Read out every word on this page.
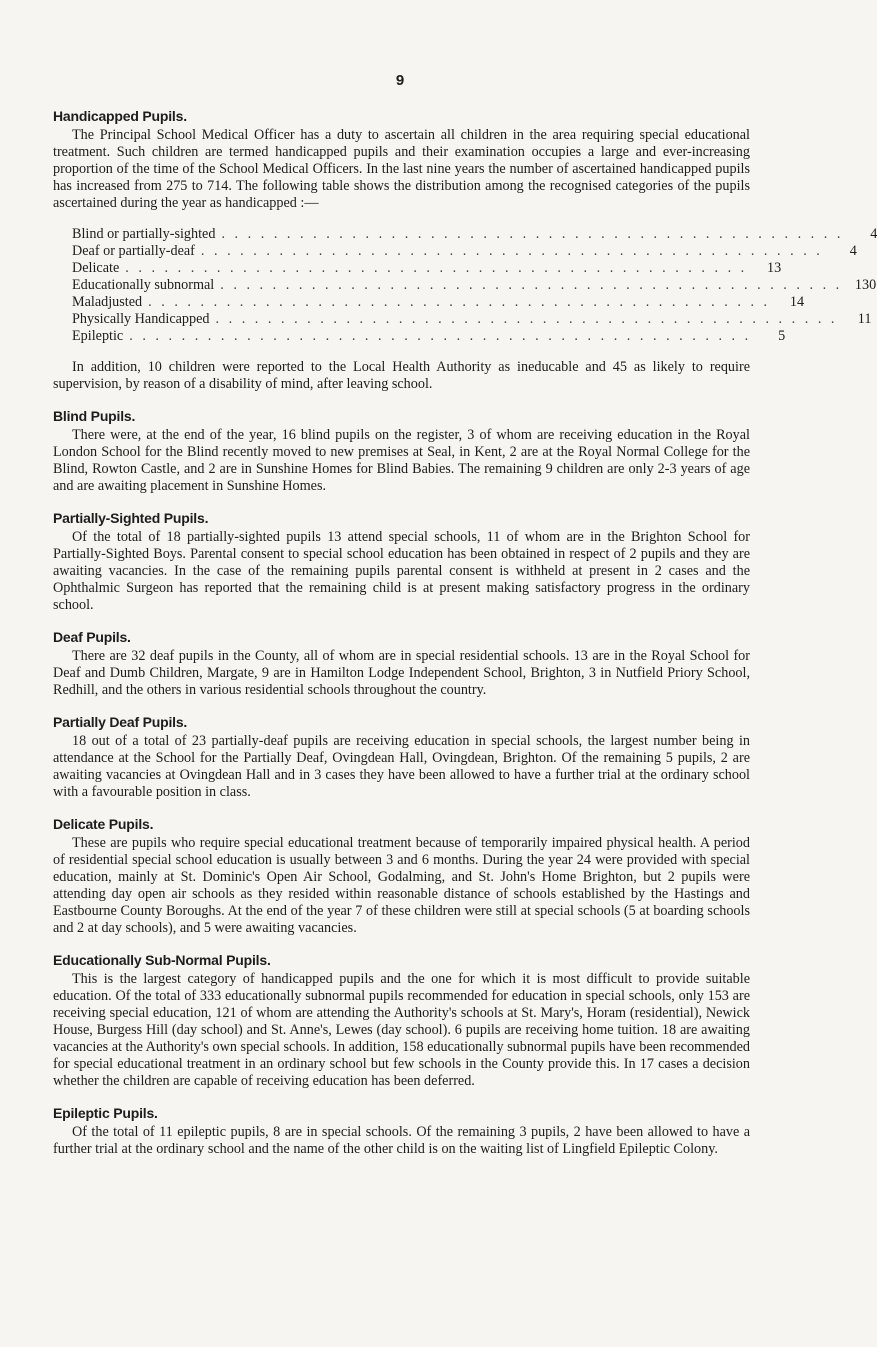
9
Handicapped Pupils.

The Principal School Medical Officer has a duty to ascertain all children in the area requiring special educational treatment. Such children are termed handicapped pupils and their examination occupies a large and ever-increasing proportion of the time of the School Medical Officers. In the last nine years the number of ascertained handicapped pupils has increased from 275 to 714. The following table shows the distribution among the recognised categories of the pupils ascertained during the year as handicapped :—

Blind or partially-sighted . . . . . . . . . . . . . . . . . . . . . . . . . . . . . . . . . . . . . . . . . . . . . . . .	4
Deaf or partially-deaf . . . . . . . . . . . . . . . . . . . . . . . . . . . . . . . . . . . . . . . . . . . . . . . .	4
Delicate . . . . . . . . . . . . . . . . . . . . . . . . . . . . . . . . . . . . . . . . . . . . . . . .	13
Educationally subnormal . . . . . . . . . . . . . . . . . . . . . . . . . . . . . . . . . . . . . . . . . . . . . . . . 130
Maladjusted . . . . . . . . . . . . . . . . . . . . . . . . . . . . . . . . . . . . . . . . . . . . . . . .	14
Physically Handicapped . . . . . . . . . . . . . . . . . . . . . . . . . . . . . . . . . . . . . . . . . . . . . . . .	11
Epileptic . . . . . . . . . . . . . . . . . . . . . . . . . . . . . . . . . . . . . . . . . . . . . . . .	5

In addition, 10 children were reported to the Local Health Authority as ineducable and 45 as likely to require supervision, by reason of a disability of mind, after leaving school.

Blind Pupils.

There were, at the end of the year, 16 blind pupils on the register, 3 of whom are receiving education in the Royal London School for the Blind recently moved to new premises at Seal, in Kent, 2 are at the Royal Normal College for the Blind, Rowton Castle, and 2 are in Sunshine Homes for Blind Babies. The remaining 9 children are only 2-3 years of age and are awaiting placement in Sunshine Homes.

Partially-Sighted Pupils.

Of the total of 18 partially-sighted pupils 13 attend special schools, 11 of whom are in the Brighton School for Partially-Sighted Boys. Parental consent to special school education has been obtained in respect of 2 pupils and they are awaiting vacancies. In the case of the remaining pupils parental consent is withheld at present in 2 cases and the Ophthalmic Surgeon has reported that the remaining child is at present making satisfactory progress in the ordinary school.

Deaf Pupils.

There are 32 deaf pupils in the County, all of whom are in special residential schools. 13 are in the Royal School for Deaf and Dumb Children, Margate, 9 are in Hamilton Lodge Independent School, Brighton, 3 in Nutfield Priory School, Redhill, and the others in various residential schools throughout the country.

Partially Deaf Pupils.

18 out of a total of 23 partially-deaf pupils are receiving education in special schools, the largest number being in attendance at the School for the Partially Deaf, Ovingdean Hall, Ovingdean, Brighton. Of the remaining 5 pupils, 2 are awaiting vacancies at Ovingdean Hall and in 3 cases they have been allowed to have a further trial at the ordinary school with a favourable position in class.

Delicate Pupils.

These are pupils who require special educational treatment because of temporarily impaired physical health. A period of residential special school education is usually between 3 and 6 months. During the year 24 were provided with special education, mainly at St. Dominic's Open Air School, Godalming, and St. John's Home Brighton, but 2 pupils were attending day open air schools as they resided within reasonable distance of schools established by the Hastings and Eastbourne County Boroughs. At the end of the year 7 of these children were still at special schools (5 at boarding schools and 2 at day schools), and 5 were awaiting vacancies.

Educationally Sub-Normal Pupils.

This is the largest category of handicapped pupils and the one for which it is most difficult to provide suitable education. Of the total of 333 educationally subnormal pupils recommended for education in special schools, only 153 are receiving special education, 121 of whom are attending the Authority's schools at St. Mary's, Horam (residential), Newick House, Burgess Hill (day school) and St. Anne's, Lewes (day school). 6 pupils are receiving home tuition. 18 are awaiting vacancies at the Authority's own special schools. In addition, 158 educationally subnormal pupils have been recommended for special educational treatment in an ordinary school but few schools in the County provide this. In 17 cases a decision whether the children are capable of receiving education has been deferred.

Epileptic Pupils.

Of the total of 11 epileptic pupils, 8 are in special schools. Of the remaining 3 pupils, 2 have been allowed to have a further trial at the ordinary school and the name of the other child is on the waiting list of Lingfield Epileptic Colony.
